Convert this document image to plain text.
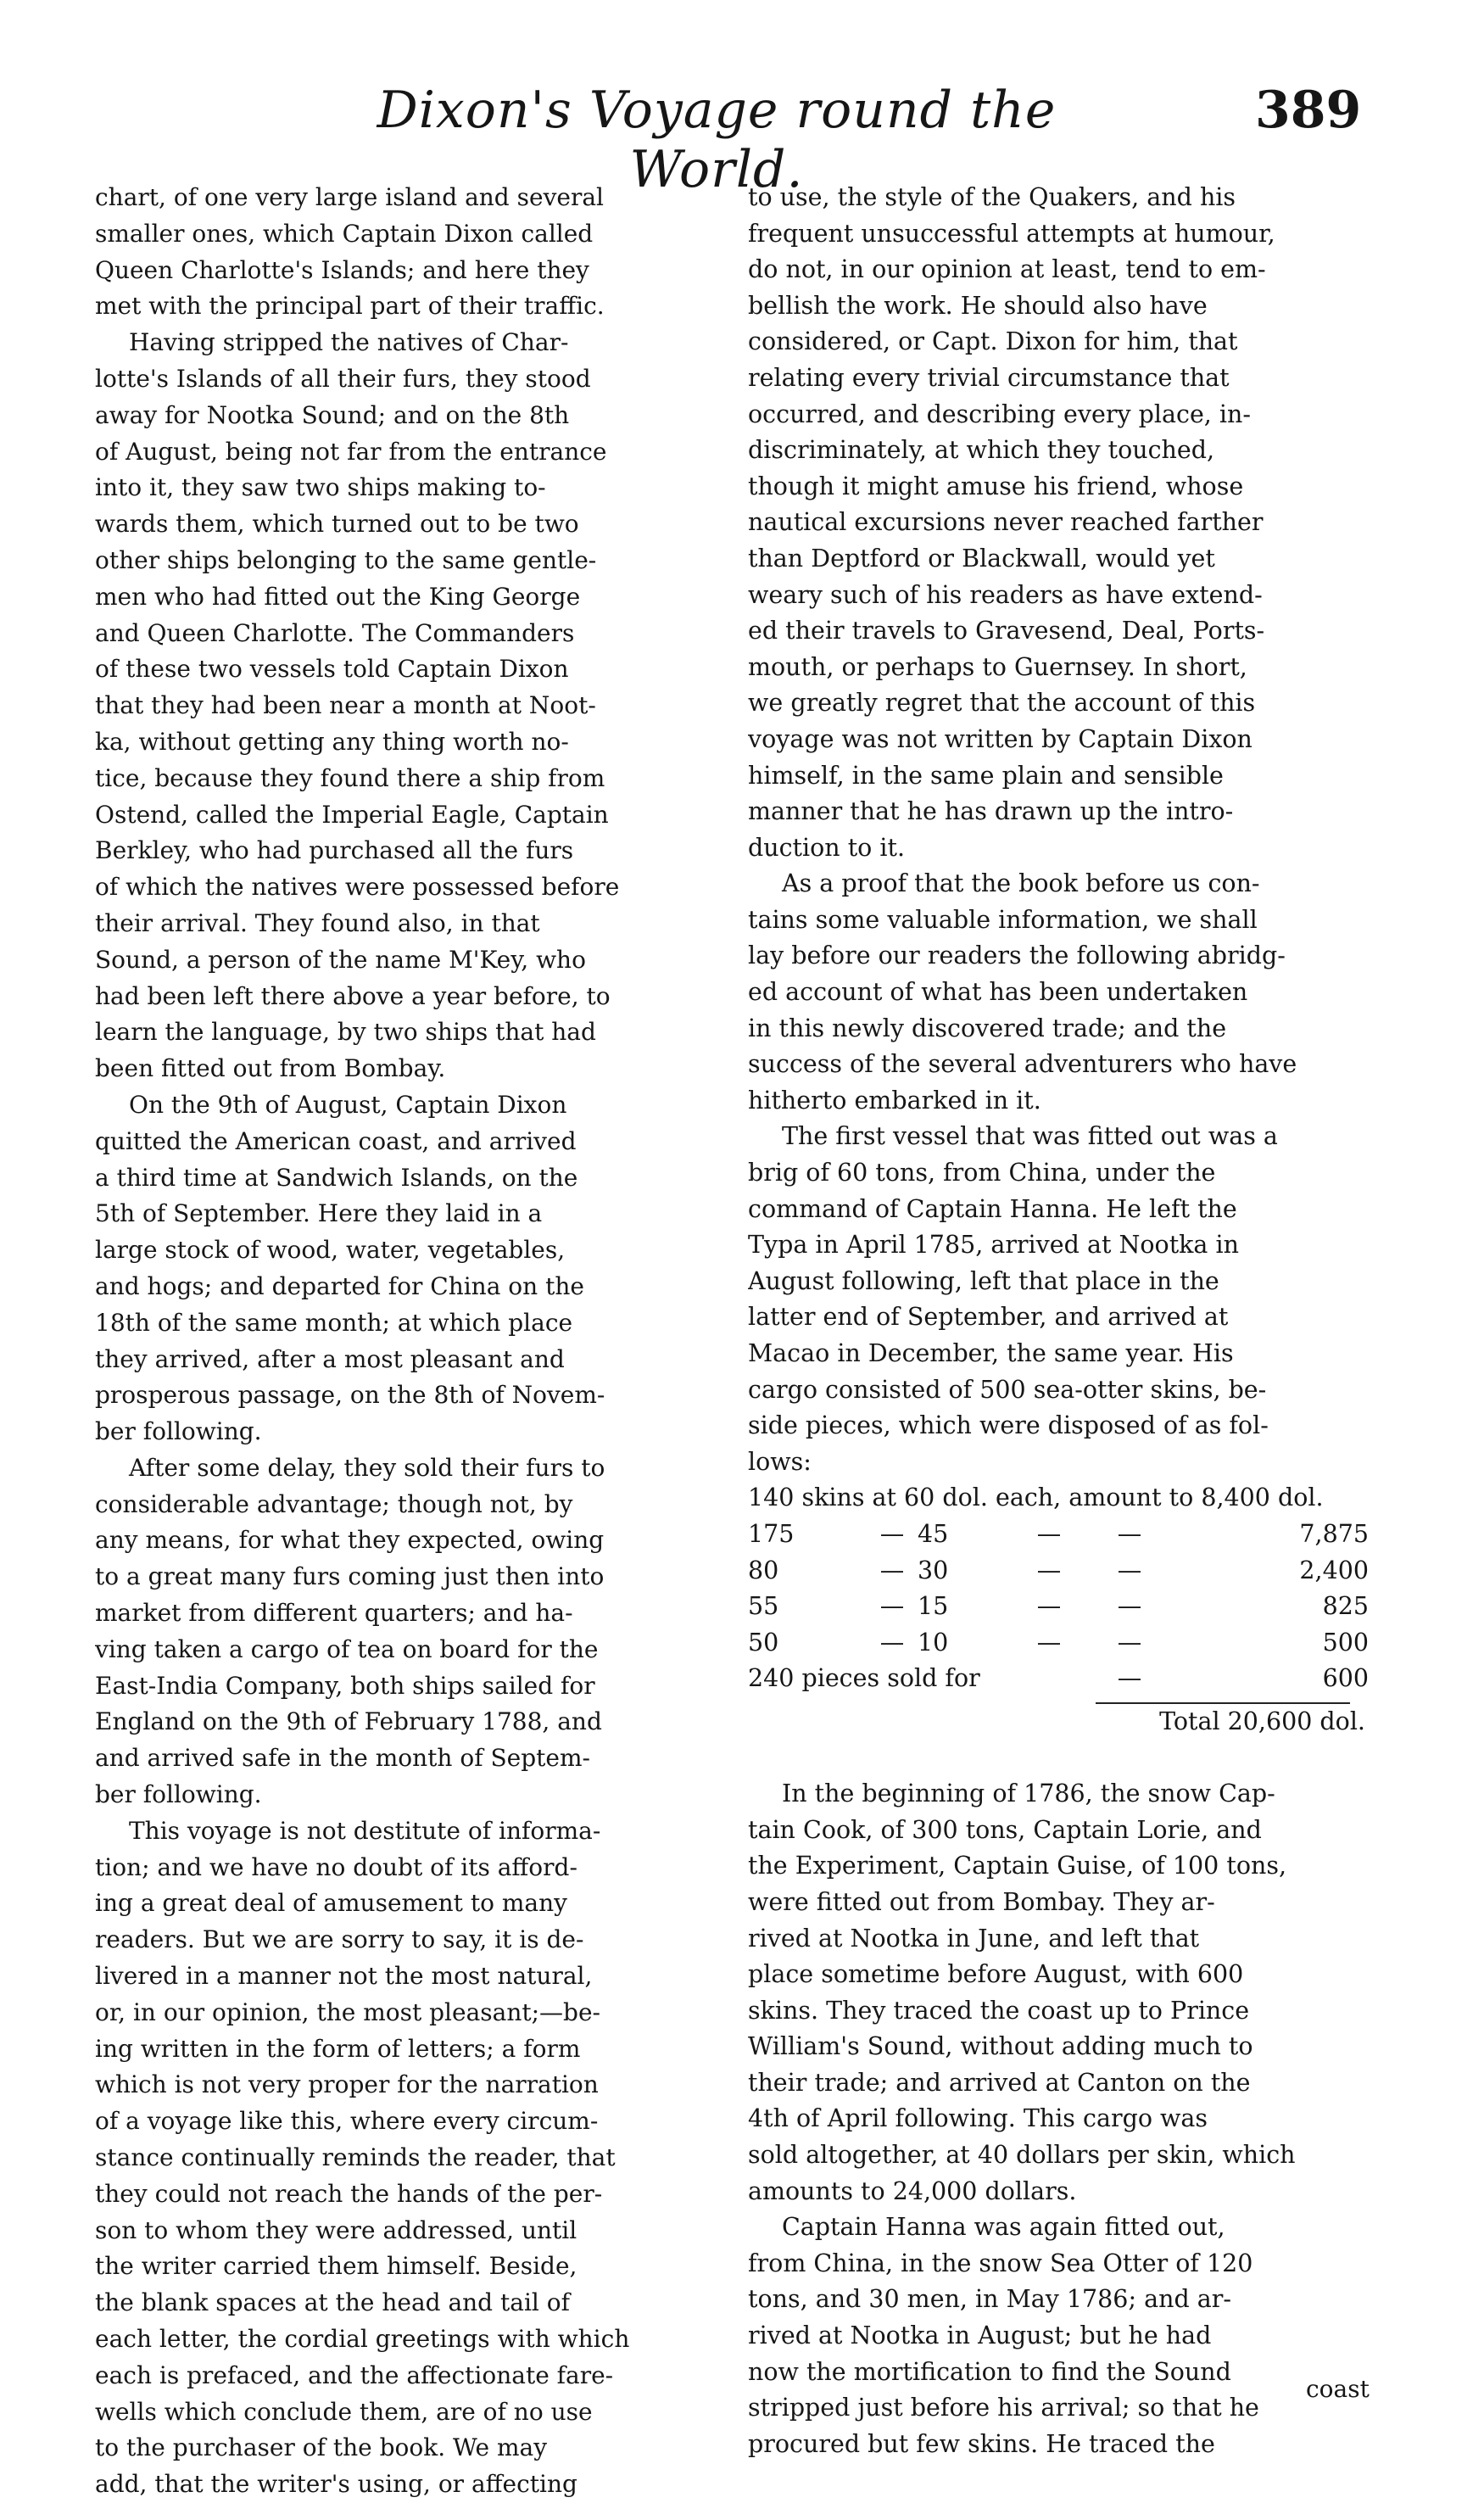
Dixon's Voyage round the World.
389
chart, of one very large island and several
smaller ones, which Captain Dixon called
Queen Charlotte's Islands; and here they
met with the principal part of their traffic.
Having stripped the natives of Char-
lotte's Islands of all their furs, they stood
away for Nootka Sound; and on the 8th
of August, being not far from the entrance
into it, they saw two ships making to-
wards them, which turned out to be two
other ships belonging to the same gentle-
men who had fitted out the King George
and Queen Charlotte. The Commanders
of these two vessels told Captain Dixon
that they had been near a month at Noot-
ka, without getting any thing worth no-
tice, because they found there a ship from
Ostend, called the Imperial Eagle, Captain
Berkley, who had purchased all the furs
of which the natives were possessed before
their arrival. They found also, in that
Sound, a person of the name M'Key, who
had been left there above a year before, to
learn the language, by two ships that had
been fitted out from Bombay.
On the 9th of August, Captain Dixon
quitted the American coast, and arrived
a third time at Sandwich Islands, on the
5th of September. Here they laid in a
large stock of wood, water, vegetables,
and hogs; and departed for China on the
18th of the same month; at which place
they arrived, after a most pleasant and
prosperous passage, on the 8th of Novem-
ber following.
After some delay, they sold their furs to
considerable advantage; though not, by
any means, for what they expected, owing
to a great many furs coming just then into
market from different quarters; and ha-
ving taken a cargo of tea on board for the
East-India Company, both ships sailed for
England on the 9th of February 1788, and
and arrived safe in the month of Septem-
ber following.
This voyage is not destitute of informa-
tion; and we have no doubt of its afford-
ing a great deal of amusement to many
readers. But we are sorry to say, it is de-
livered in a manner not the most natural,
or, in our opinion, the most pleasant;—be-
ing written in the form of letters; a form
which is not very proper for the narration
of a voyage like this, where every circum-
stance continually reminds the reader, that
they could not reach the hands of the per-
son to whom they were addressed, until
the writer carried them himself. Beside,
the blank spaces at the head and tail of
each letter, the cordial greetings with which
each is prefaced, and the affectionate fare-
wells which conclude them, are of no use
to the purchaser of the book. We may
add, that the writer's using, or affecting
to use, the style of the Quakers, and his
frequent unsuccessful attempts at humour,
do not, in our opinion at least, tend to em-
bellish the work. He should also have
considered, or Capt. Dixon for him, that
relating every trivial circumstance that
occurred, and describing every place, in-
discriminately, at which they touched,
though it might amuse his friend, whose
nautical excursions never reached farther
than Deptford or Blackwall, would yet
weary such of his readers as have extend-
ed their travels to Gravesend, Deal, Ports-
mouth, or perhaps to Guernsey. In short,
we greatly regret that the account of this
voyage was not written by Captain Dixon
himself, in the same plain and sensible
manner that he has drawn up the intro-
duction to it.
As a proof that the book before us con-
tains some valuable information, we shall
lay before our readers the following abridg-
ed account of what has been undertaken
in this newly discovered trade; and the
success of the several adventurers who have
hitherto embarked in it.
The first vessel that was fitted out was a
brig of 60 tons, from China, under the
command of Captain Hanna. He left the
Typa in April 1785, arrived at Nootka in
August following, left that place in the
latter end of September, and arrived at
Macao in December, the same year. His
cargo consisted of 500 sea-otter skins, be-
side pieces, which were disposed of as fol-
lows:
140 skins at 60 dol. each, amount to 8,400 dol.
175	— 45	—	—	7,875
80	— 30	—	—	2,400
55	— 15	—	—	825
50	— 10	—	—	500
240 pieces sold for	—	600
Total 20,600 dol.
In the beginning of 1786, the snow Cap-
tain Cook, of 300 tons, Captain Lorie, and
the Experiment, Captain Guise, of 100 tons,
were fitted out from Bombay. They ar-
rived at Nootka in June, and left that
place sometime before August, with 600
skins. They traced the coast up to Prince
William's Sound, without adding much to
their trade; and arrived at Canton on the
4th of April following. This cargo was
sold altogether, at 40 dollars per skin, which
amounts to 24,000 dollars.
Captain Hanna was again fitted out,
from China, in the snow Sea Otter of 120
tons, and 30 men, in May 1786; and ar-
rived at Nootka in August; but he had
now the mortification to find the Sound
stripped just before his arrival; so that he
procured but few skins. He traced the
coast
